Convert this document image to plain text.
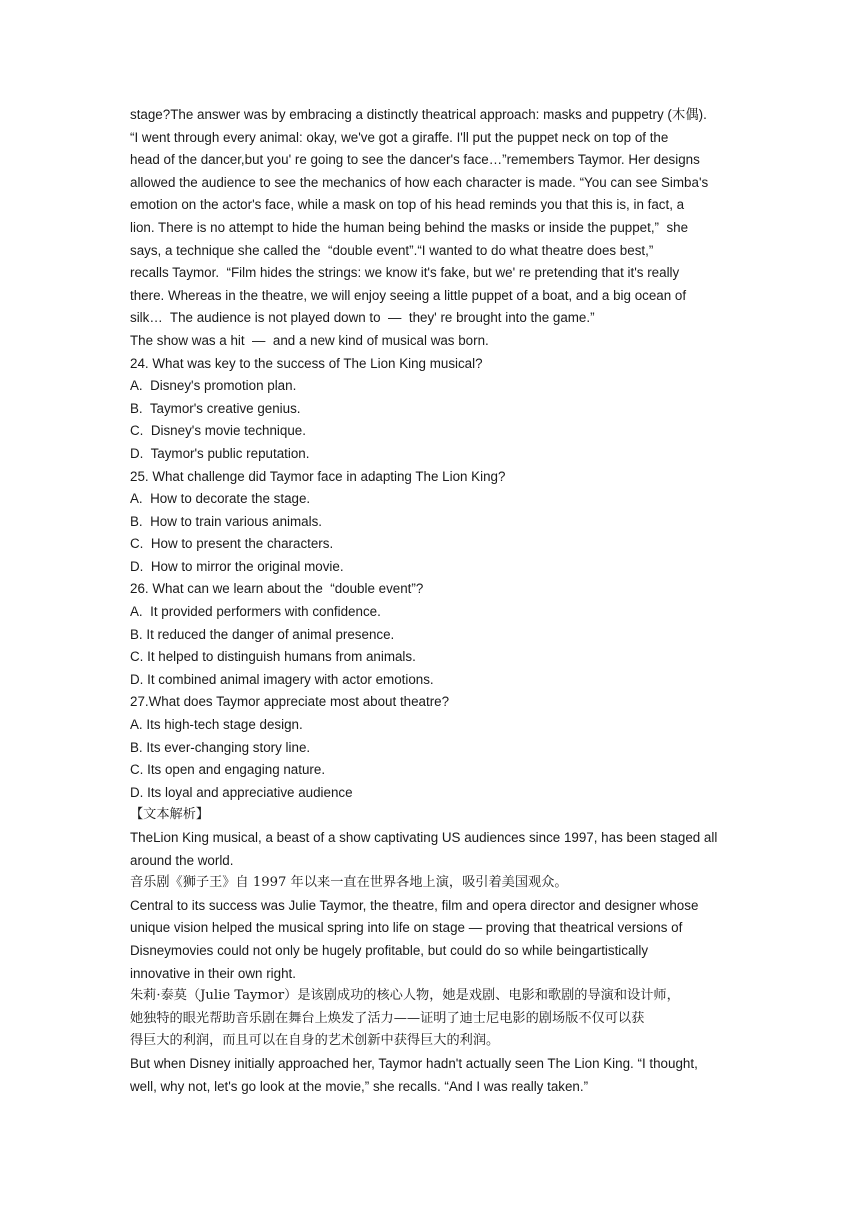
stage?The answer was by embracing a distinctly theatrical approach: masks and puppetry (木偶).
“I went through every animal: okay, we've got a giraffe. I'll put the puppet neck on top of the
head of the dancer,but you' re going to see the dancer's face…”remembers Taymor. Her designs
allowed the audience to see the mechanics of how each character is made. “You can see Simba's
emotion on the actor's face, while a mask on top of his head reminds you that this is, in fact, a
lion. There is no attempt to hide the human being behind the masks or inside the puppet,”  she
says, a technique she called the  “double event”.“I wanted to do what theatre does best,”
recalls Taymor.  “Film hides the strings: we know it's fake, but we' re pretending that it's really
there. Whereas in the theatre, we will enjoy seeing a little puppet of a boat, and a big ocean of
silk…  The audience is not played down to  —  they' re brought into the game.”
The show was a hit  —  and a new kind of musical was born.
24. What was key to the success of The Lion King musical?
A.  Disney's promotion plan.
B.  Taymor's creative genius.
C.  Disney's movie technique.
D.  Taymor's public reputation.
25. What challenge did Taymor face in adapting The Lion King?
A.  How to decorate the stage.
B.  How to train various animals.
C.  How to present the characters.
D.  How to mirror the original movie.
26. What can we learn about the  “double event”?
A.  It provided performers with confidence.
B. It reduced the danger of animal presence.
C. It helped to distinguish humans from animals.
D. It combined animal imagery with actor emotions.
27.What does Taymor appreciate most about theatre?
A. Its high-tech stage design.
B. Its ever-changing story line.
C. Its open and engaging nature.
D. Its loyal and appreciative audience
【文本解析】
TheLion King musical, a beast of a show captivating US audiences since 1997, has been staged all
around the world.
音乐剧《狮子王》自 1997 年以来一直在世界各地上演，吸引着美国观众。
Central to its success was Julie Taymor, the theatre, film and opera director and designer whose
unique vision helped the musical spring into life on stage — proving that theatrical versions of
Disneymovies could not only be hugely profitable, but could do so while beingartistically
innovative in their own right.
朱莉·泰莫（Julie Taymor）是该剧成功的核心人物，她是戏剧、电影和歌剧的导演和设计师，
她独特的眼光帮助音乐剧在舞台上焕发了活力——证明了迪士尼电影的剧场版不仅可以获
得巨大的利润，而且可以在自身的艺术创新中获得巨大的利润。
But when Disney initially approached her, Taymor hadn't actually seen The Lion King. “I thought,
well, why not, let's go look at the movie,” she recalls. “And I was really taken.”
